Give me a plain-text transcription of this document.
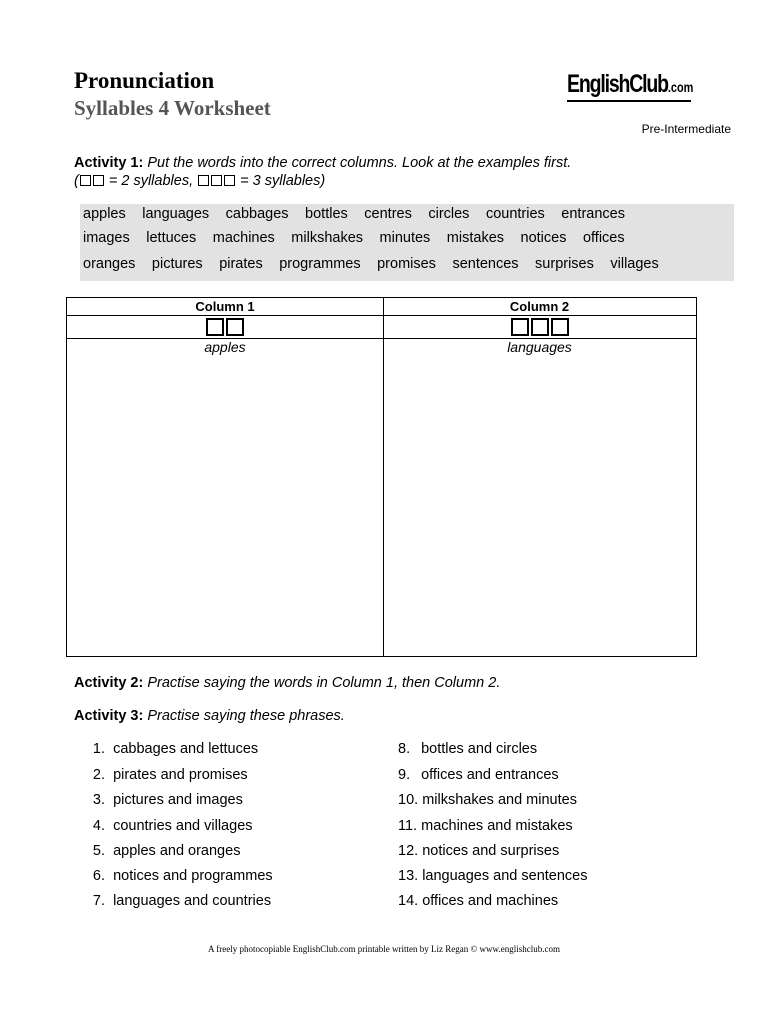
Pronunciation
Syllables 4 Worksheet
EnglishClub.com
Pre-Intermediate
Activity 1: Put the words into the correct columns. Look at the examples first.
( = 2 syllables,	= 3 syllables)
apples languages cabbages bottles centres circles countries entrances
images lettuces machines milkshakes minutes mistakes notices offices
oranges pictures pirates programmes promises sentences surprises villages
Column 1
apples
Column 2
languages
Activity 2: Practise saying the words in Column 1, then Column 2.
Activity 3: Practise saying these phrases.
1. cabbages and lettuces
2. pirates and promises
3. pictures and images
4. countries and villages
5. apples and oranges
6. notices and programmes
7. languages and countries
8. bottles and circles
9. offices and entrances
10. milkshakes and minutes
11. machines and mistakes
12. notices and surprises
13. languages and sentences
14. offices and machines
A freely photocopiable EnglishClub.com printable written by Liz Regan © www.englishclub.com
